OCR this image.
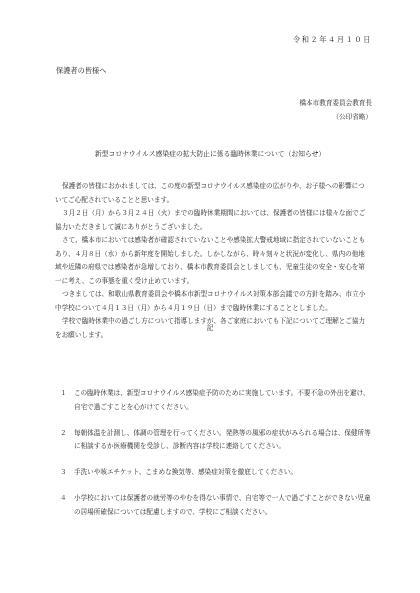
令和２年４月１０日
保護者の皆様へ
橋本市教育委員会教育長
（公印省略）
新型コロナウイルス感染症の拡大防止に係る臨時休業について（お知らせ）

保護者の皆様におかれましては、この度の新型コロナウイルス感染症の広がりや、お子様への影響についてご心配されていることと思います。

３月２日（月）から３月２４日（火）までの臨時休業期間においては、保護者の皆様には様々な面でご協力いただきまして誠にありがとうございました。

さて、橋本市においては感染者が確認されていないことや感染拡大警戒地域に指定されていないこともあり、４月８日（水）から新年度を開始しました。しかしながら、時々刻々と状況が変化し、県内の他地域や近隣の府県では感染者が急増しており、橋本市教育委員会としましても、児童生徒の安全・安心を第一に考え、この事態を重く受け止めています。

つきましては、和歌山県教育委員会や橋本市新型コロナウイルス対策本部会議での方針を踏み、市立小中学校について４月１３日（月）から４月１９日（日）まで臨時休業にすることとしました。

学校で臨時休業中の過ごし方について指導しますが、各ご家庭においても下記についてご理解とご協力をお願いします。

記
１	この臨時休業は、新型コロナウイルス感染症予防のために実施しています。不要不急の外出を避け、自宅で過ごすことを心がけてください。
２	毎朝体温を計測し、体調の管理を行ってください。発熱等の風邪の症状がみられる場合は、保健所等に相談するか医療機関を受診し、診断内容は学校に連絡してください。
３	手洗いや咳エチケット、こまめな換気等、感染症対策を徹底してください。
４	小学校においては保護者の就労等のやむを得ない事情で、自宅等で一人で過ごすことができない児童の居場所確保については配慮しますので、学校にご相談ください。
